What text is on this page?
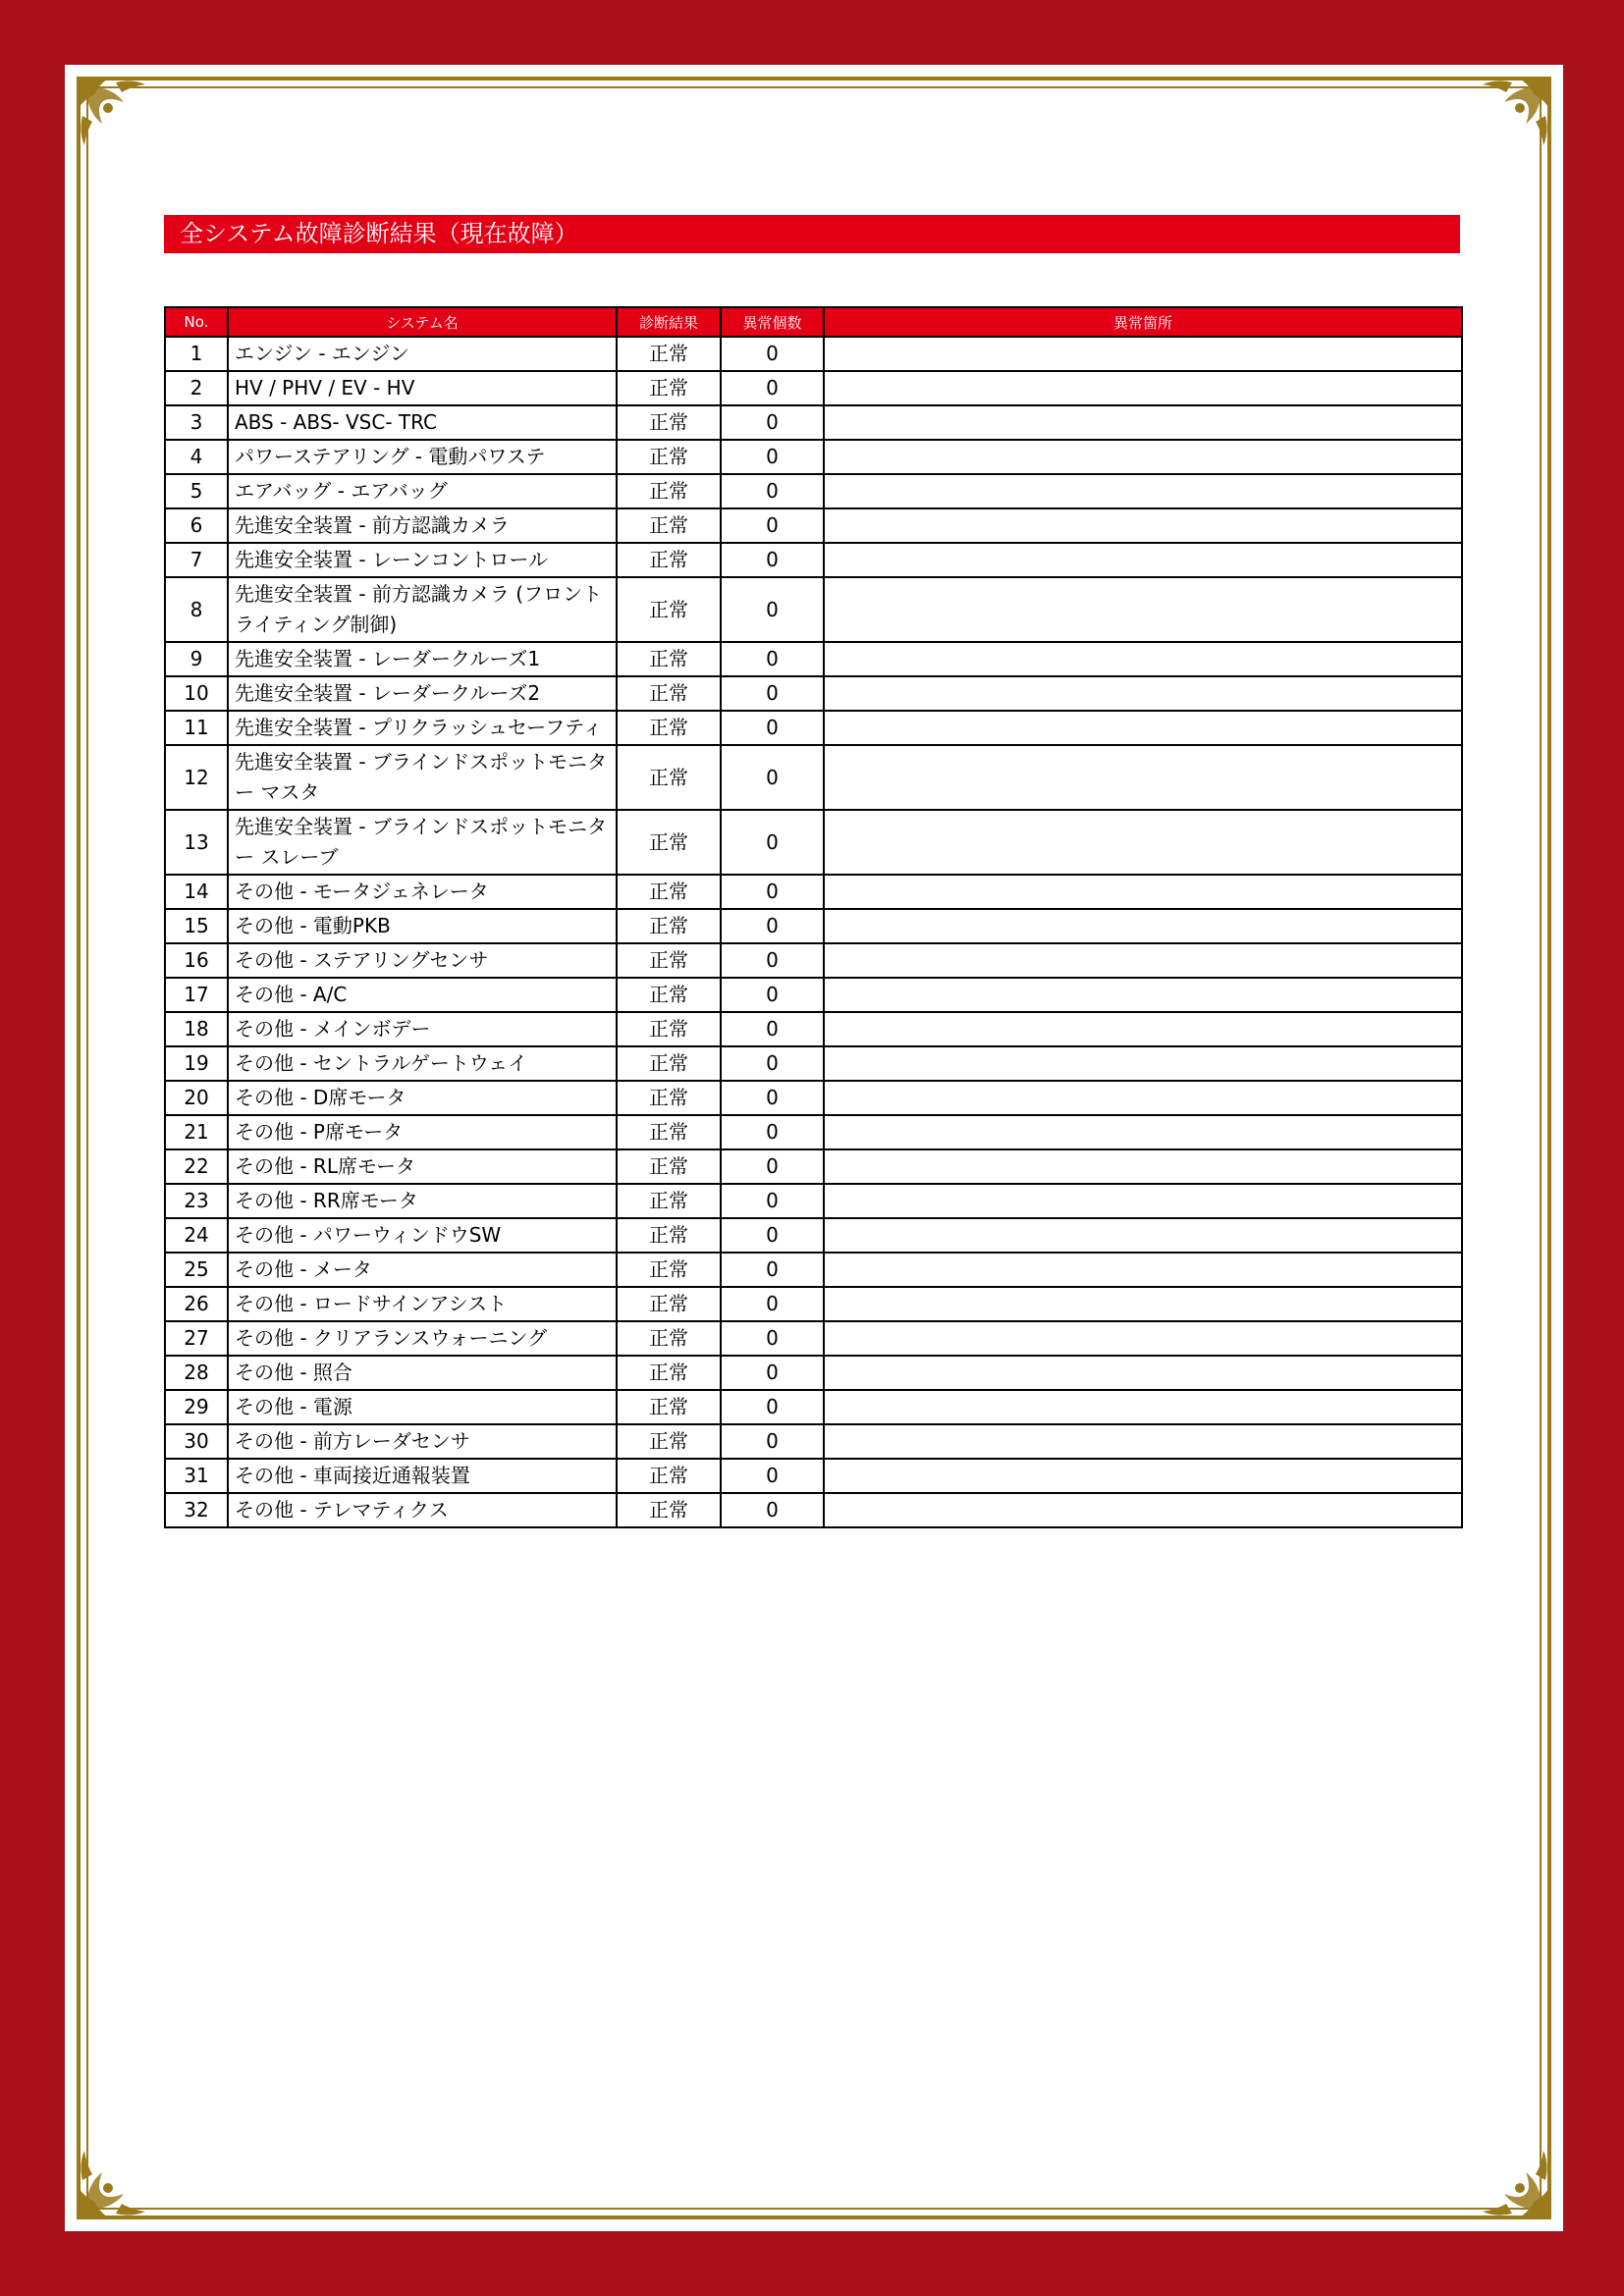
全システム故障診断結果（現在故障）
No.	システム名	診断結果	異常個数	異常箇所
1	エンジン - エンジン	正常	0	
2	HV / PHV / EV - HV	正常	0	
3	ABS - ABS- VSC- TRC	正常	0	
4	パワーステアリング - 電動パワステ	正常	0	
5	エアバッグ - エアバッグ	正常	0	
6	先進安全装置 - 前方認識カメラ	正常	0	
7	先進安全装置 - レーンコントロール	正常	0	
8	先進安全装置 - 前方認識カメラ (フロントライティング制御)	正常	0	
9	先進安全装置 - レーダークルーズ1	正常	0	
10	先進安全装置 - レーダークルーズ2	正常	0	
11	先進安全装置 - プリクラッシュセーフティ	正常	0	
12	先進安全装置 - ブラインドスポットモニター マスタ	正常	0	
13	先進安全装置 - ブラインドスポットモニター スレーブ	正常	0	
14	その他 - モータジェネレータ	正常	0	
15	その他 - 電動PKB	正常	0	
16	その他 - ステアリングセンサ	正常	0	
17	その他 - A/C	正常	0	
18	その他 - メインボデー	正常	0	
19	その他 - セントラルゲートウェイ	正常	0	
20	その他 - D席モータ	正常	0	
21	その他 - P席モータ	正常	0	
22	その他 - RL席モータ	正常	0	
23	その他 - RR席モータ	正常	0	
24	その他 - パワーウィンドウSW	正常	0	
25	その他 - メータ	正常	0	
26	その他 - ロードサインアシスト	正常	0	
27	その他 - クリアランスウォーニング	正常	0	
28	その他 - 照合	正常	0	
29	その他 - 電源	正常	0	
30	その他 - 前方レーダセンサ	正常	0	
31	その他 - 車両接近通報装置	正常	0	
32	その他 - テレマティクス	正常	0	
